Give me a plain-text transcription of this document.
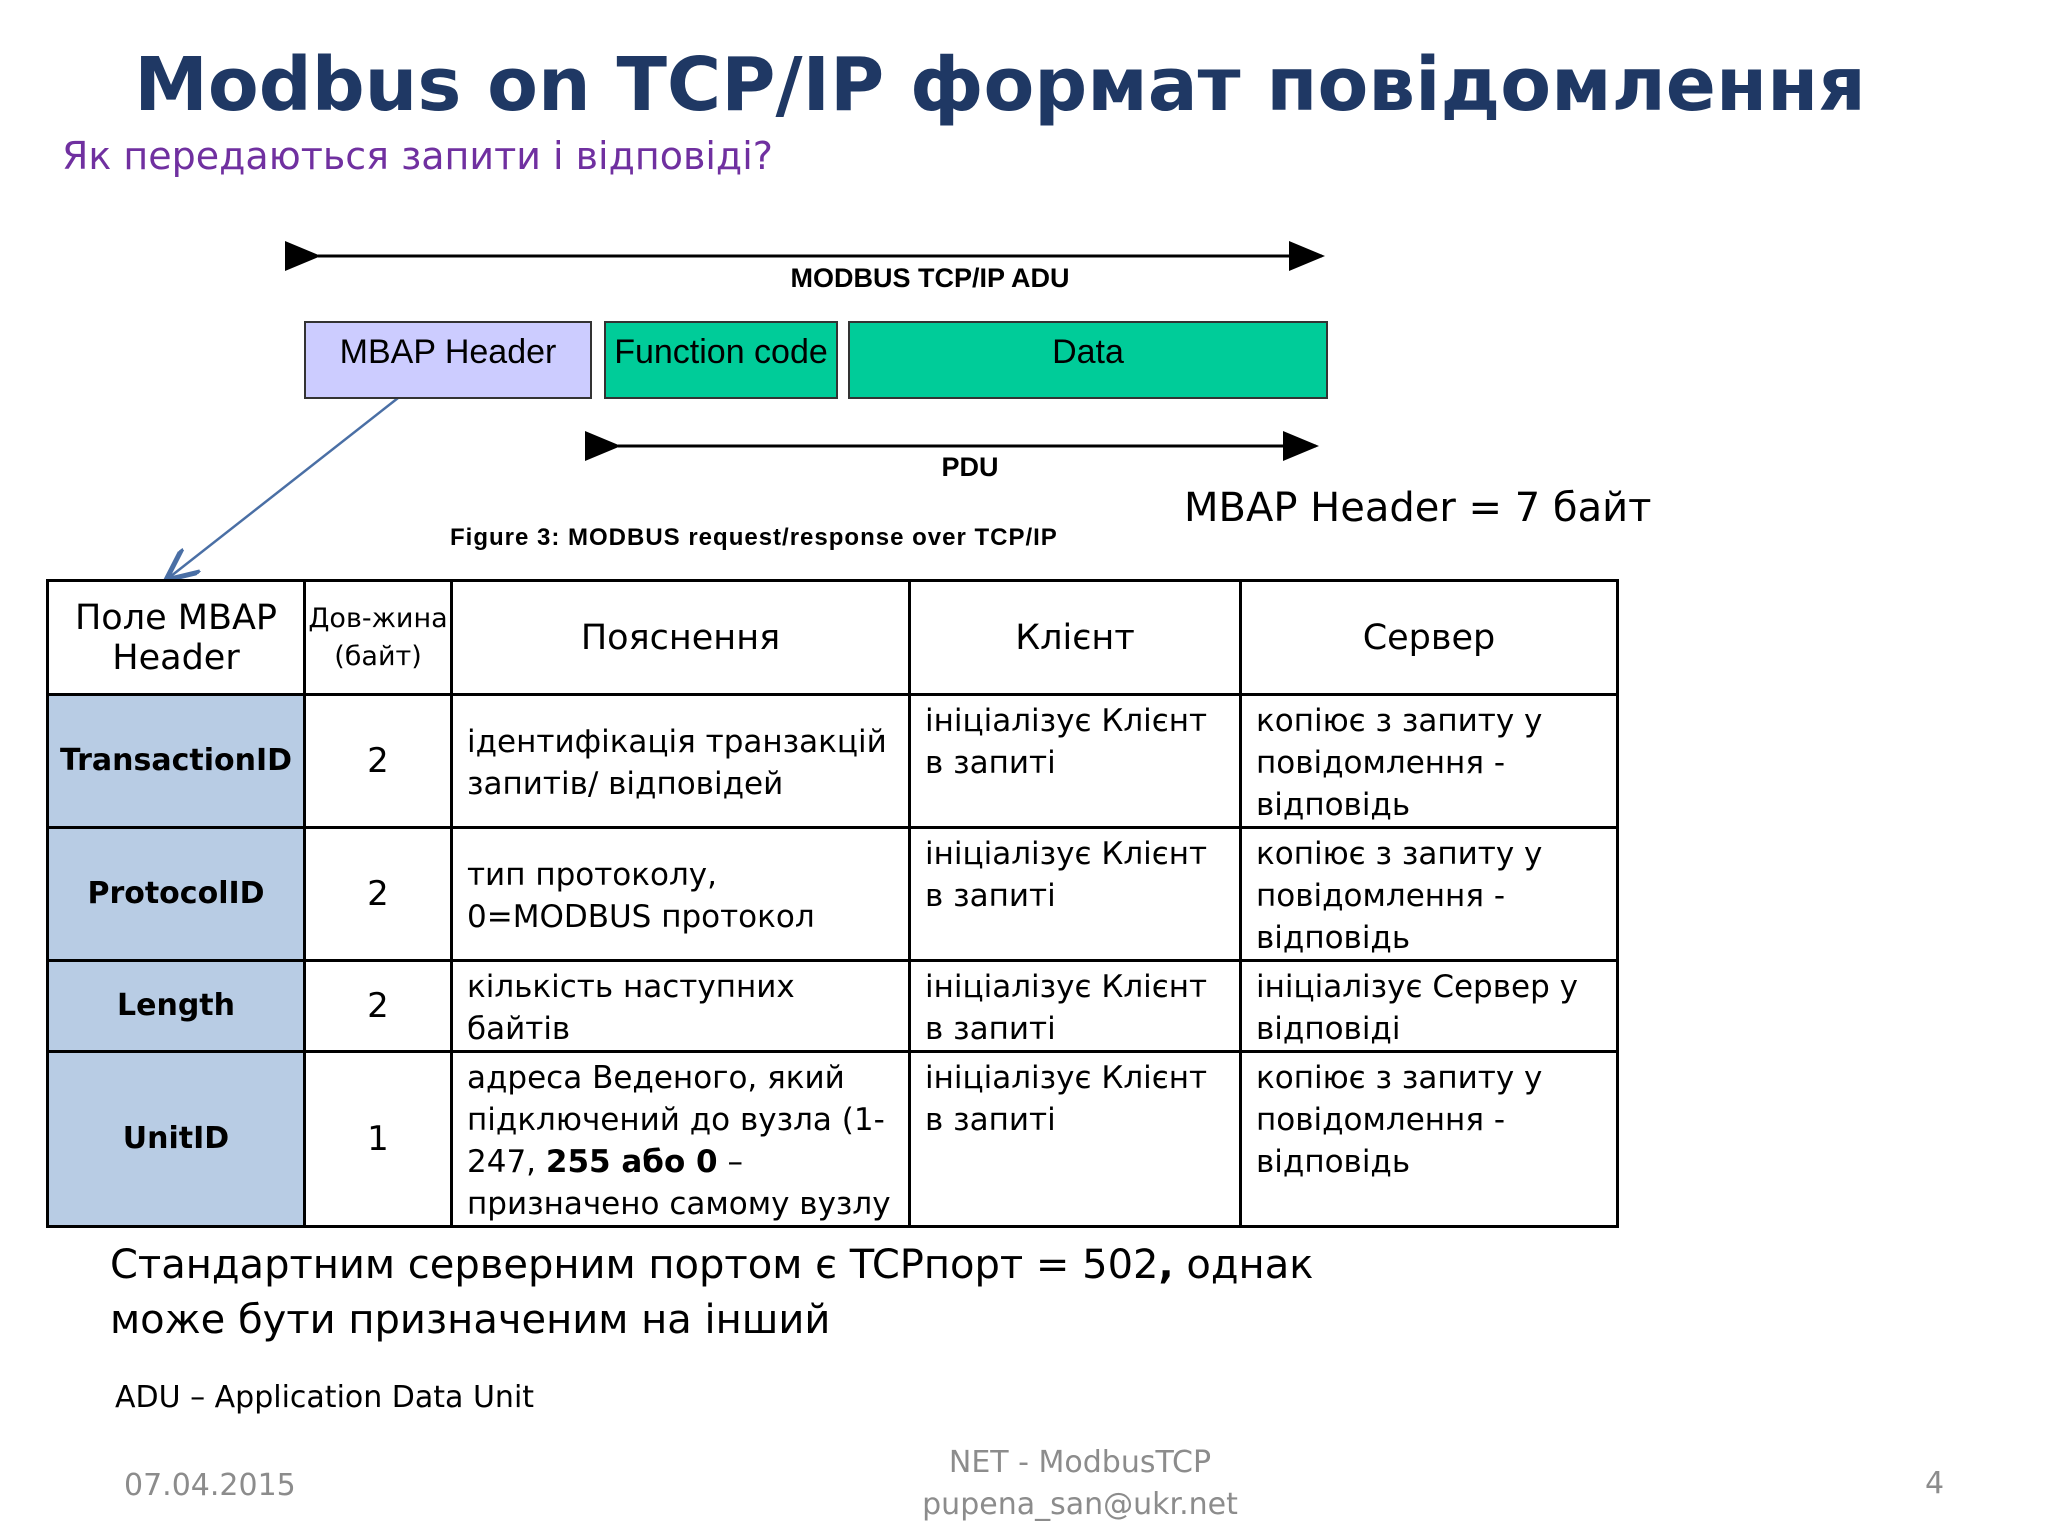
Modbus on TCP/IP формат повідомлення
Як передаються запити і відповіді?
MODBUS TCP/IP ADU
MBAP Header	Function code	Data
PDU
Figure 3: MODBUS request/response over TCP/IP
MBAP Header = 7 байт
Поле MBAP Header	Дов-жина (байт)	Пояснення	Клієнт	Сервер
TransactionID	2	ідентифікація транзакцій запитів/ відповідей	ініціалізує Клієнт в запиті	копіює з запиту у повідомлення - відповідь
ProtocolID	2	тип протоколу, 0=MODBUS протокол	ініціалізує Клієнт в запиті	копіює з запиту у повідомлення - відповідь
Length	2	кількість наступних байтів	ініціалізує Клієнт в запиті	ініціалізує Сервер у відповіді
UnitID	1	адреса Веденого, який підключений до вузла (1-247, 255 або 0 – призначено самому вузлу	ініціалізує Клієнт в запиті	копіює з запиту у повідомлення - відповідь
Стандартним серверним портом є TCPпорт = 502, однак може бути призначеним на інший
ADU – Application Data Unit
07.04.2015
NET - ModbusTCP
pupena_san@ukr.net
4
